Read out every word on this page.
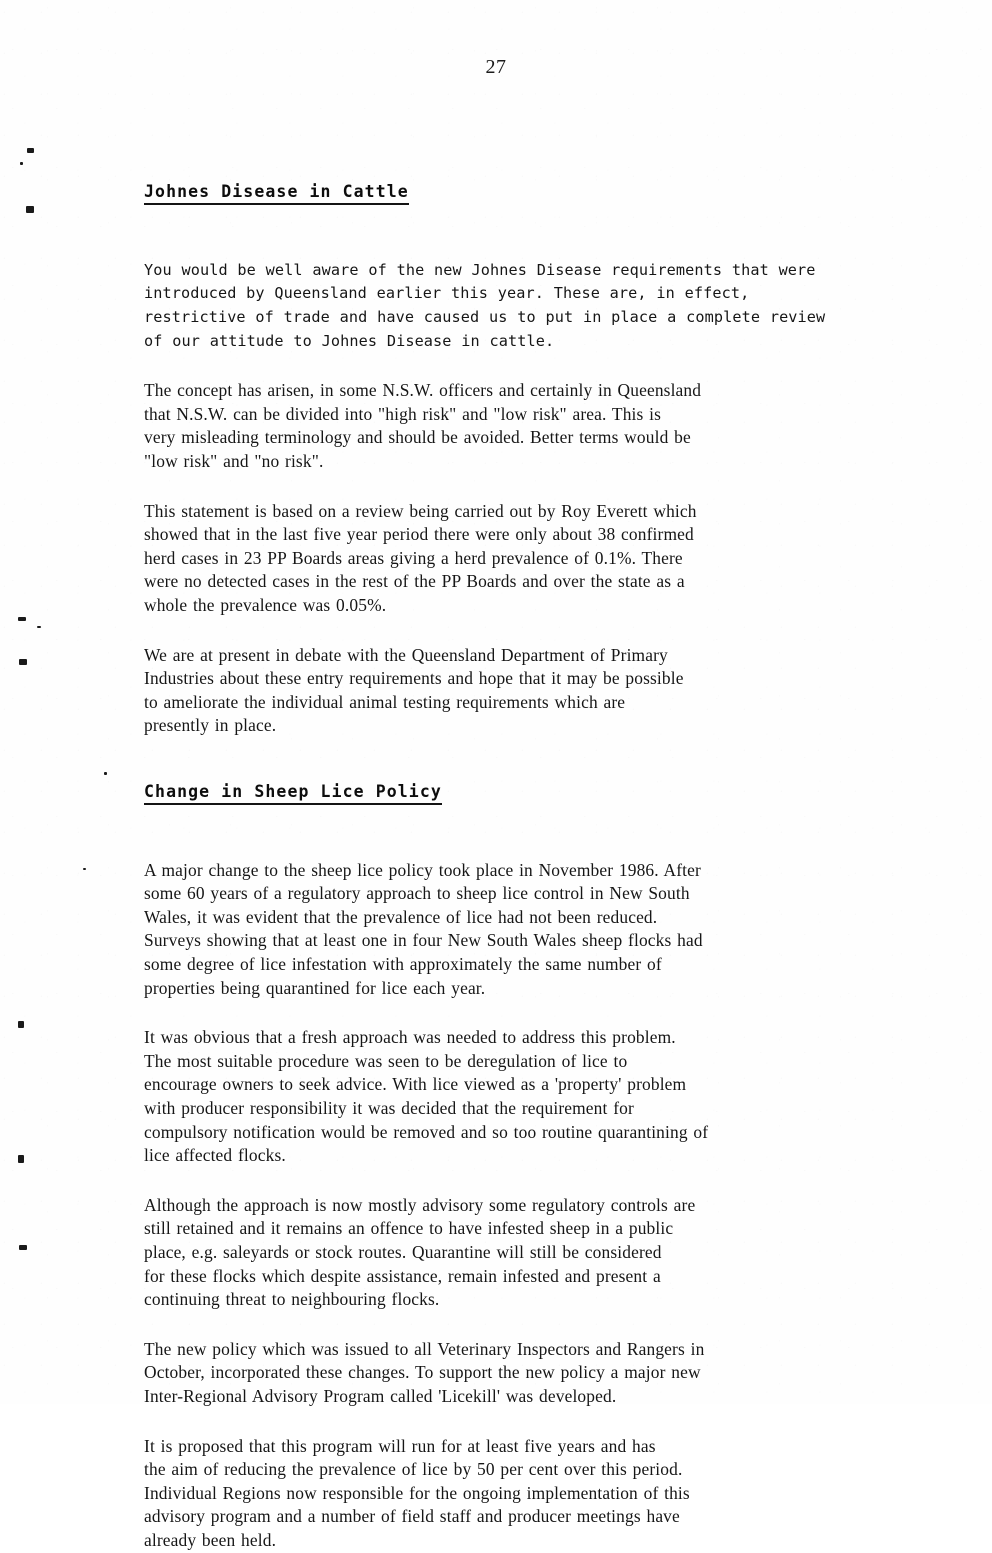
27
Johnes Disease in Cattle

You would be well aware of the new Johnes Disease requirements that were
introduced by Queensland earlier this year. These are, in effect,
restrictive of trade and have caused us to put in place a complete review
of our attitude to Johnes Disease in cattle.

The concept has arisen, in some N.S.W. officers and certainly in Queensland
that N.S.W. can be divided into "high risk" and "low risk" area. This is
very misleading terminology and should be avoided. Better terms would be
"low risk" and "no risk".

This statement is based on a review being carried out by Roy Everett which
showed that in the last five year period there were only about 38 confirmed
herd cases in 23 PP Boards areas giving a herd prevalence of 0.1%. There
were no detected cases in the rest of the PP Boards and over the state as a
whole the prevalence was 0.05%.

We are at present in debate with the Queensland Department of Primary
Industries about these entry requirements and hope that it may be possible
to ameliorate the individual animal testing requirements which are
presently in place.

Change in Sheep Lice Policy

A major change to the sheep lice policy took place in November 1986. After
some 60 years of a regulatory approach to sheep lice control in New South
Wales, it was evident that the prevalence of lice had not been reduced.
Surveys showing that at least one in four New South Wales sheep flocks had
some degree of lice infestation with approximately the same number of
properties being quarantined for lice each year.

It was obvious that a fresh approach was needed to address this problem.
The most suitable procedure was seen to be deregulation of lice to
encourage owners to seek advice. With lice viewed as a 'property' problem
with producer responsibility it was decided that the requirement for
compulsory notification would be removed and so too routine quarantining of
lice affected flocks.

Although the approach is now mostly advisory some regulatory controls are
still retained and it remains an offence to have infested sheep in a public
place, e.g. saleyards or stock routes. Quarantine will still be considered
for these flocks which despite assistance, remain infested and present a
continuing threat to neighbouring flocks.

The new policy which was issued to all Veterinary Inspectors and Rangers in
October, incorporated these changes. To support the new policy a major new
Inter-Regional Advisory Program called 'Licekill' was developed.

It is proposed that this program will run for at least five years and has
the aim of reducing the prevalence of lice by 50 per cent over this period.
Individual Regions now responsible for the ongoing implementation of this
advisory program and a number of field staff and producer meetings have
already been held.
